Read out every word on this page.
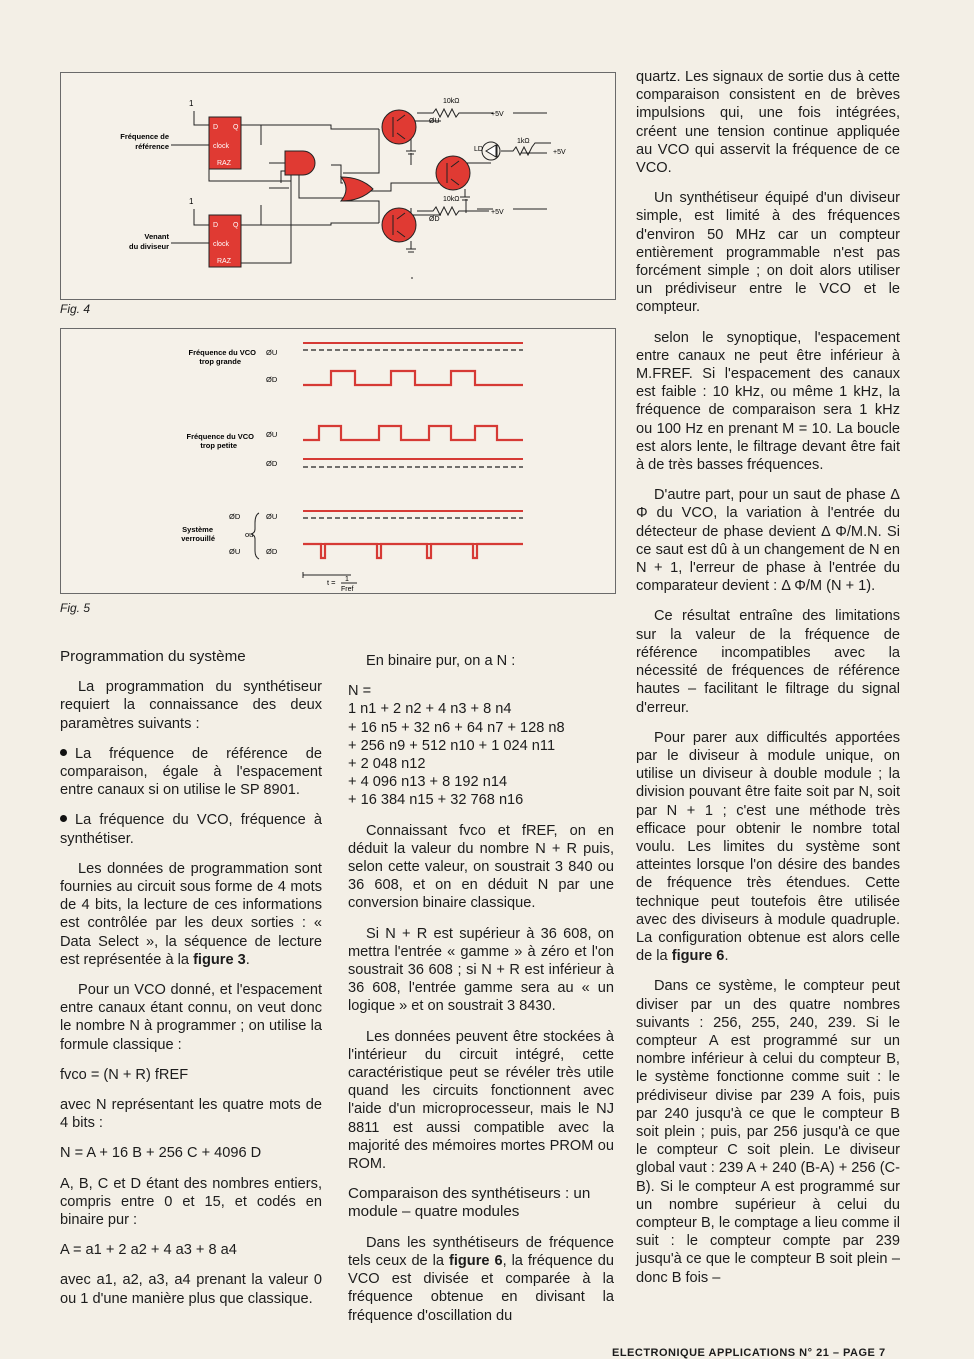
Fréquence de
référence
Venant
du diviseur
1
1
D Q
clock
RAZ
D Q
clock
RAZ
10kΩ
+5V
ØU
10kΩ
+5V
ØD
LD
1kΩ
+5V
Fig. 4
Fréquence du VCO
trop grande
ØU
ØD
Fréquence du VCO
trop petite
ØU
ØD
Système
verrouillé
ØD	ØU
ou
ØU	ØD
t = 1
Fref
Fig. 5

Programmation du système

La programmation du synthétiseur requiert la connaissance des deux paramètres suivants :

La fréquence de référence de comparaison, égale à l'espacement entre canaux si on utilise le SP 8901.

La fréquence du VCO, fréquence à synthétiser.

Les données de programmation sont fournies au circuit sous forme de 4 mots de 4 bits, la lecture de ces informations est contrôlée par les deux sorties : « Data Select », la séquence de lecture est représentée à la figure 3.

Pour un VCO donné, et l'espacement entre canaux étant connu, on veut donc le nombre N à programmer ; on utilise la formule classique :

fvco = (N + R) fREF

avec N représentant les quatre mots de 4 bits :

N = A + 16 B + 256 C + 4096 D

A, B, C et D étant des nombres entiers, compris entre 0 et 15, et codés en binaire pur :

A = a1 + 2 a2 + 4 a3 + 8 a4

avec a1, a2, a3, a4 prenant la valeur 0 ou 1 d'une manière plus que classique.

En binaire pur, on a N :

N =
1 n1 + 2 n2 + 4 n3 + 8 n4
+ 16 n5 + 32 n6 + 64 n7 + 128 n8
+ 256 n9 + 512 n10 + 1 024 n11
+ 2 048 n12
+ 4 096 n13 + 8 192 n14
+ 16 384 n15 + 32 768 n16

Connaissant fvco et fREF, on en déduit la valeur du nombre N + R puis, selon cette valeur, on soustrait 3 840 ou 36 608, et on en déduit N par une conversion binaire classique.

Si N + R est supérieur à 36 608, on mettra l'entrée « gamme » à zéro et l'on soustrait 36 608 ; si N + R est inférieur à 36 608, l'entrée gamme sera au « un logique » et on soustrait 3 8430.

Les données peuvent être stockées à l'intérieur du circuit intégré, cette caractéristique peut se révéler très utile quand les circuits fonctionnent avec l'aide d'un microprocesseur, mais le NJ 8811 est aussi compatible avec la majorité des mémoires mortes PROM ou ROM.

Comparaison des synthétiseurs : un module – quatre modules

Dans les synthétiseurs de fréquence tels ceux de la figure 6, la fréquence du VCO est divisée et comparée à la fréquence obtenue en divisant la fréquence d'oscillation du

quartz. Les signaux de sortie dus à cette comparaison consistent en de brèves impulsions qui, une fois intégrées, créent une tension continue appliquée au VCO qui asservit la fréquence de ce VCO.

Un synthétiseur équipé d'un diviseur simple, est limité à des fréquences d'environ 50 MHz car un compteur entièrement programmable n'est pas forcément simple ; on doit alors utiliser un prédiviseur entre le VCO et le compteur.

selon le synoptique, l'espacement entre canaux ne peut être inférieur à M.FREF. Si l'espacement des canaux est faible : 10 kHz, ou même 1 kHz, la fréquence de comparaison sera 1 kHz ou 100 Hz en prenant M = 10. La boucle est alors lente, le filtrage devant être fait à de très basses fréquences.

D'autre part, pour un saut de phase Δ Φ du VCO, la variation à l'entrée du détecteur de phase devient Δ Φ/M.N. Si ce saut est dû à un changement de N en N + 1, l'erreur de phase à l'entrée du comparateur devient : Δ Φ/M (N + 1).

Ce résultat entraîne des limitations sur la valeur de la fréquence de référence incompatibles avec la nécessité de fréquences de référence hautes – facilitant le filtrage du signal d'erreur.

Pour parer aux difficultés apportées par le diviseur à module unique, on utilise un diviseur à double module ; la division pouvant être faite soit par N, soit par N + 1 ; c'est une méthode très efficace pour obtenir le nombre total voulu. Les limites du système sont atteintes lorsque l'on désire des bandes de fréquence très étendues. Cette technique peut toutefois être utilisée avec des diviseurs à module quadruple. La configuration obtenue est alors celle de la figure 6.

Dans ce système, le compteur peut diviser par un des quatre nombres suivants : 256, 255, 240, 239. Si le compteur A est programmé sur un nombre inférieur à celui du compteur B, le système fonctionne comme suit : le prédiviseur divise par 239 A fois, puis par 240 jusqu'à ce que le compteur B soit plein ; puis, par 256 jusqu'à ce que le compteur C soit plein. Le diviseur global vaut : 239 A + 240 (B-A) + 256 (C-B). Si le compteur A est programmé sur un nombre supérieur à celui du compteur B, le comptage a lieu comme il suit : le compteur compte par 239 jusqu'à ce que le compteur B soit plein – donc B fois –

ELECTRONIQUE APPLICATIONS N° 21 – PAGE 7
